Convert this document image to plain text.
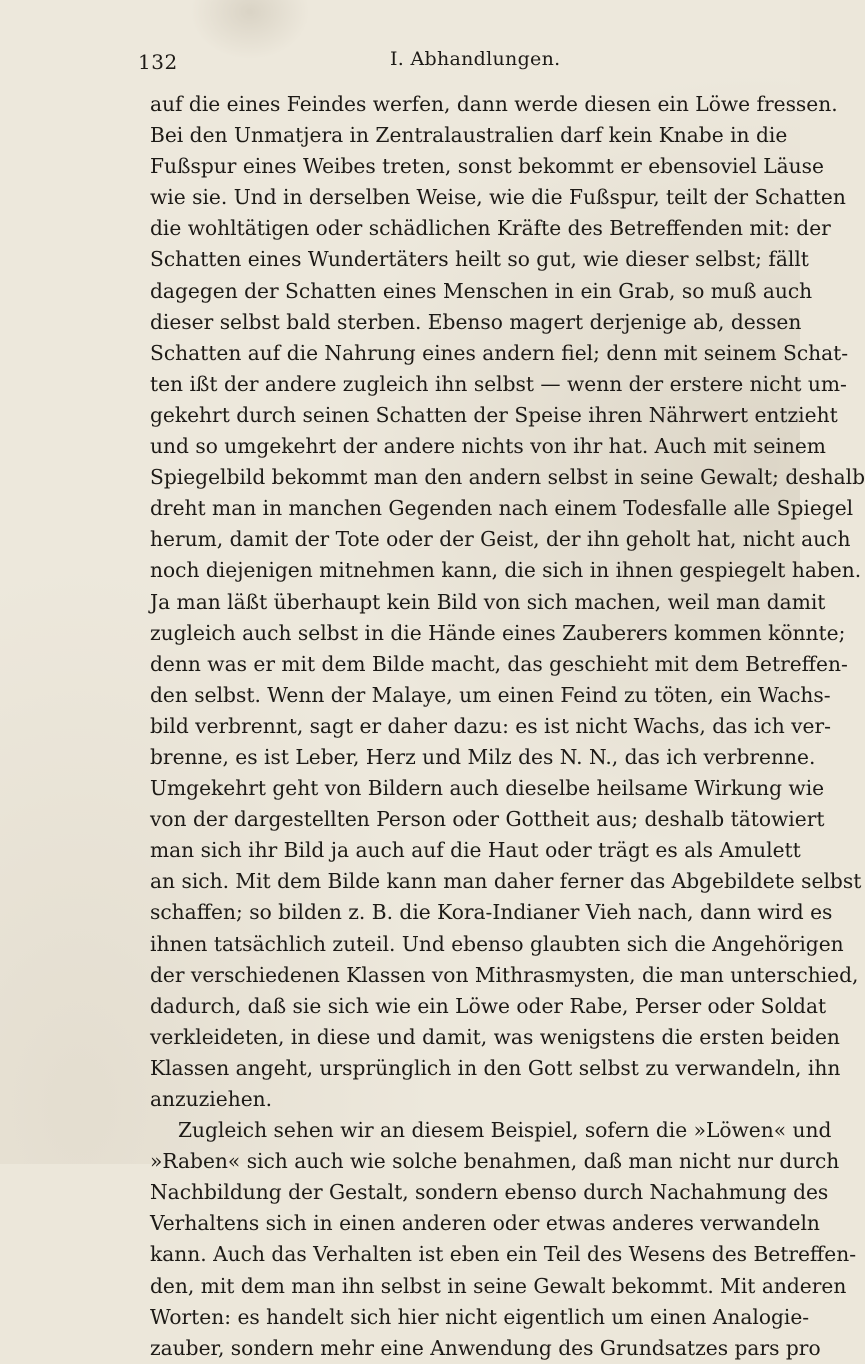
132	I. Abhandlungen.
auf die eines Feindes werfen, dann werde diesen ein Löwe fressen.
Bei den Unmatjera in Zentralaustralien darf kein Knabe in die
Fußspur eines Weibes treten, sonst bekommt er ebensoviel Läuse
wie sie. Und in derselben Weise, wie die Fußspur, teilt der Schatten
die wohltätigen oder schädlichen Kräfte des Betreffenden mit: der
Schatten eines Wundertäters heilt so gut, wie dieser selbst; fällt
dagegen der Schatten eines Menschen in ein Grab, so muß auch
dieser selbst bald sterben. Ebenso magert derjenige ab, dessen
Schatten auf die Nahrung eines andern fiel; denn mit seinem Schat-
ten ißt der andere zugleich ihn selbst — wenn der erstere nicht um-
gekehrt durch seinen Schatten der Speise ihren Nährwert entzieht
und so umgekehrt der andere nichts von ihr hat. Auch mit seinem
Spiegelbild bekommt man den andern selbst in seine Gewalt; deshalb
dreht man in manchen Gegenden nach einem Todesfalle alle Spiegel
herum, damit der Tote oder der Geist, der ihn geholt hat, nicht auch
noch diejenigen mitnehmen kann, die sich in ihnen gespiegelt haben.
Ja man läßt überhaupt kein Bild von sich machen, weil man damit
zugleich auch selbst in die Hände eines Zauberers kommen könnte;
denn was er mit dem Bilde macht, das geschieht mit dem Betreffen-
den selbst. Wenn der Malaye, um einen Feind zu töten, ein Wachs-
bild verbrennt, sagt er daher dazu: es ist nicht Wachs, das ich ver-
brenne, es ist Leber, Herz und Milz des N. N., das ich verbrenne.
Umgekehrt geht von Bildern auch dieselbe heilsame Wirkung wie
von der dargestellten Person oder Gottheit aus; deshalb tätowiert
man sich ihr Bild ja auch auf die Haut oder trägt es als Amulett
an sich. Mit dem Bilde kann man daher ferner das Abgebildete selbst
schaffen; so bilden z. B. die Kora-Indianer Vieh nach, dann wird es
ihnen tatsächlich zuteil. Und ebenso glaubten sich die Angehörigen
der verschiedenen Klassen von Mithrasmysten, die man unterschied,
dadurch, daß sie sich wie ein Löwe oder Rabe, Perser oder Soldat
verkleideten, in diese und damit, was wenigstens die ersten beiden
Klassen angeht, ursprünglich in den Gott selbst zu verwandeln, ihn
anzuziehen.
Zugleich sehen wir an diesem Beispiel, sofern die »Löwen« und
»Raben« sich auch wie solche benahmen, daß man nicht nur durch
Nachbildung der Gestalt, sondern ebenso durch Nachahmung des
Verhaltens sich in einen anderen oder etwas anderes verwandeln
kann. Auch das Verhalten ist eben ein Teil des Wesens des Betreffen-
den, mit dem man ihn selbst in seine Gewalt bekommt. Mit anderen
Worten: es handelt sich hier nicht eigentlich um einen Analogie-
zauber, sondern mehr eine Anwendung des Grundsatzes pars pro
